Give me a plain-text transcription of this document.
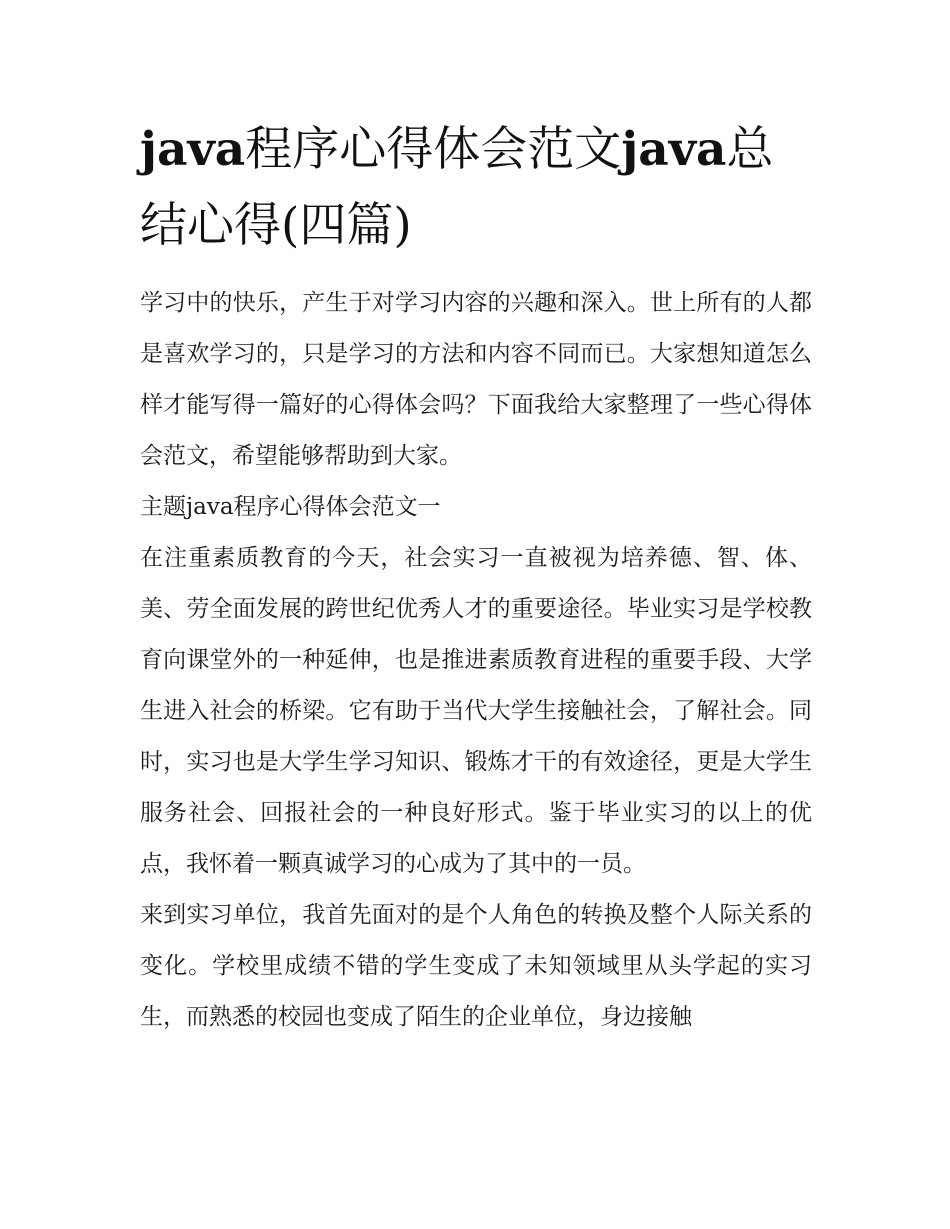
java程序心得体会范文java总结心得(四篇)

学习中的快乐，产生于对学习内容的兴趣和深入。世上所有的人都是喜欢学习的，只是学习的方法和内容不同而已。大家想知道怎么样才能写得一篇好的心得体会吗？下面我给大家整理了一些心得体会范文，希望能够帮助到大家。

主题java程序心得体会范文一

在注重素质教育的今天，社会实习一直被视为培养德、智、体、美、劳全面发展的跨世纪优秀人才的重要途径。毕业实习是学校教育向课堂外的一种延伸，也是推进素质教育进程的重要手段、大学生进入社会的桥梁。它有助于当代大学生接触社会，了解社会。同时，实习也是大学生学习知识、锻炼才干的有效途径，更是大学生服务社会、回报社会的一种良好形式。鉴于毕业实习的以上的优点，我怀着一颗真诚学习的心成为了其中的一员。

来到实习单位，我首先面对的是个人角色的转换及整个人际关系的变化。学校里成绩不错的学生变成了未知领域里从头学起的实习生，而熟悉的校园也变成了陌生的企业单位，身边接触
